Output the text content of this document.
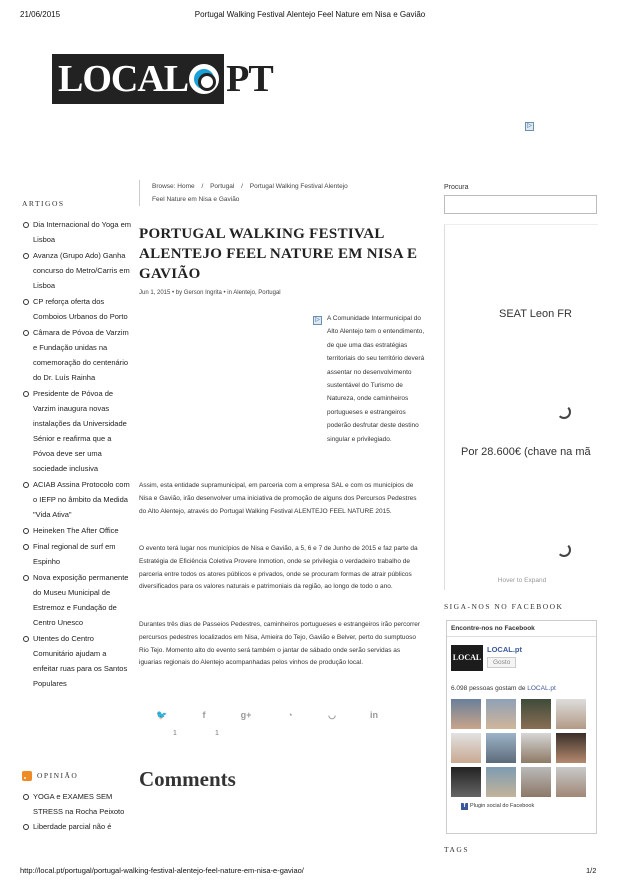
21/06/2015	Portugal Walking Festival Alentejo Feel Nature em Nisa e Gavião
LOCAL PT
▷
ARTIGOS
Dia Internacional do Yoga em Lisboa
Avanza (Grupo Ado) Ganha concurso do Metro/Carris em Lisboa
CP reforça oferta dos Comboios Urbanos do Porto
Câmara de Póvoa de Varzim e Fundação unidas na comemoração do centenário do Dr. Luís Rainha
Presidente de Póvoa de Varzim inaugura novas instalações da Universidade Sénior e reafirma que a Póvoa deve ser uma sociedade inclusiva
ACIAB Assina Protocolo com o IEFP no âmbito da Medida "Vida Ativa"
Heineken The After Office
Final regional de surf em Espinho
Nova exposição permanente do Museu Municipal de Estremoz e Fundação de Centro Unesco
Utentes do Centro Comunitário ajudam a enfeitar ruas para os Santos Populares
OPINIÃO
YOGA e EXAMES SEM STRESS na Rocha Peixoto
Liberdade parcial não é
Browse: Home / Portugal / Portugal Walking Festival Alentejo
Feel Nature em Nisa e Gavião
PORTUGAL WALKING FESTIVAL ALENTEJO FEEL NATURE EM NISA E GAVIÃO
Jun 1, 2015 • by Gerson Ingrita • in Alentejo, Portugal
▷	A Comunidade Intermunicipal do Alto Alentejo tem o entendimento, de que uma das estratégias territoriais do seu território deverá assentar no desenvolvimento sustentável do Turismo de Natureza, onde caminheiros portugueses e estrangeiros poderão desfrutar deste destino singular e privilegiado.

Assim, esta entidade supramunicipal, em parceria com a empresa SAL e com os municípios de Nisa e Gavião, irão desenvolver uma iniciativa de promoção de alguns dos Percursos Pedestres do Alto Alentejo, através do Portugal Walking Festival ALENTEJO FEEL NATURE 2015.

O evento terá lugar nos municípios de Nisa e Gavião, a 5, 6 e 7 de Junho de 2015 e faz parte da Estratégia de Eficiência Coletiva Provere Inmotion, onde se privilegia o verdadeiro trabalho de parceria entre todos os atores públicos e privados, onde se procuram formas de atrair públicos diversificados para os valores naturais e patrimoniais da região, ao longo de todo o ano.

Durantes três dias de Passeios Pedestres, caminheiros portugueses e estrangeiros irão percorrer percursos pedestres localizados em Nisa, Amieira do Tejo, Gavião e Belver, perto do sumptuoso Rio Tejo. Momento alto do evento será também o jantar de sábado onde serão servidas as iguarias regionais do Alentejo acompanhadas pelos vinhos de produção local.

🐦	f	g+	◔	◡	in
1	1
Comments
Procura
SEAT Leon FR
Por 28.600€ (chave na mã
Hover to Expand
SIGA-NOS NO FACEBOOK
Encontre-nos no Facebook
LOCAL
LOCAL.pt
Gosto
6.098 pessoas gostam de LOCAL.pt
f Plugin social do Facebook
TAGS
http://local.pt/portugal/portugal-walking-festival-alentejo-feel-nature-em-nisa-e-gaviao/	1/2
